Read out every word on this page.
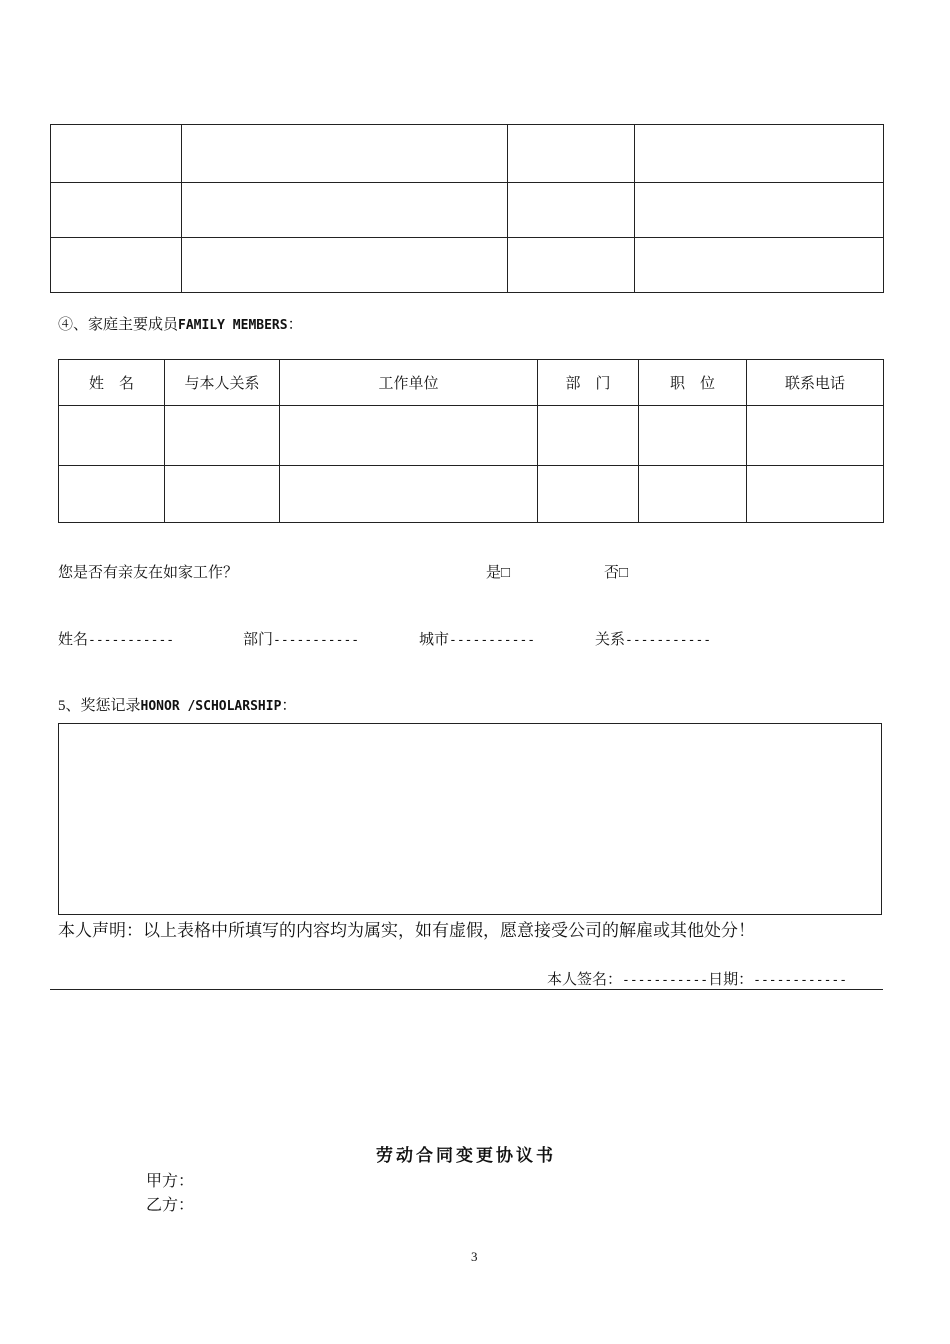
④、家庭主要成员FAMILY MEMBERS：
姓　名	与本人关系	工作单位	部　门	职　位	联系电话

您是否有亲友在如家工作？	是□	否□
姓名-----------	部门-----------	城市-----------	关系-----------
5、奖惩记录HONOR /SCHOLARSHIP：
本人声明：以上表格中所填写的内容均为属实，如有虚假，愿意接受公司的解雇或其他处分！
本人签名：-----------日期：------------
劳动合同变更协议书
甲方：
乙方：
3
